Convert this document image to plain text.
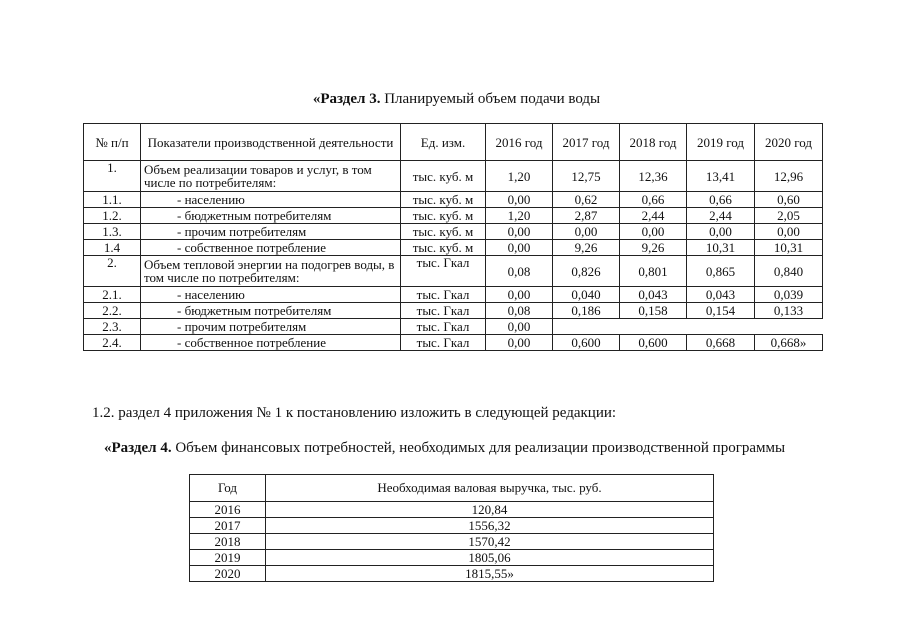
«Раздел 3. Планируемый объем подачи воды
№ п/п	Показатели производственной деятельности	Ед. изм.	2016 год	2017 год	2018 год	2019 год	2020 год
1.	Объем реализации товаров и услуг, в том числе по потребителям:	тыс. куб. м	1,20	12,75	12,36	13,41	12,96
1.1.	- населению	тыс. куб. м	0,00	0,62	0,66	0,66	0,60
1.2.	- бюджетным потребителям	тыс. куб. м	1,20	2,87	2,44	2,44	2,05
1.3.	- прочим потребителям	тыс. куб. м	0,00	0,00	0,00	0,00	0,00
1.4	- собственное потребление	тыс. куб. м	0,00	9,26	9,26	10,31	10,31
2.	Объем тепловой энергии на подогрев воды, в том числе по потребителям:	тыс. Гкал	0,08	0,826	0,801	0,865	0,840
2.1.	- населению	тыс. Гкал	0,00	0,040	0,043	0,043	0,039
2.2.	- бюджетным потребителям	тыс. Гкал	0,08	0,186	0,158	0,154	0,133
2.3.	- прочим потребителям	тыс. Гкал	0,00				
2.4.	- собственное потребление	тыс. Гкал	0,00	0,600	0,600	0,668	0,668»
1.2. раздел 4 приложения № 1 к постановлению изложить в следующей редакции:
«Раздел 4. Объем финансовых потребностей, необходимых для реализации производственной программы
Год	Необходимая валовая выручка, тыс. руб.
2016	120,84
2017	1556,32
2018	1570,42
2019	1805,06
2020	1815,55»
